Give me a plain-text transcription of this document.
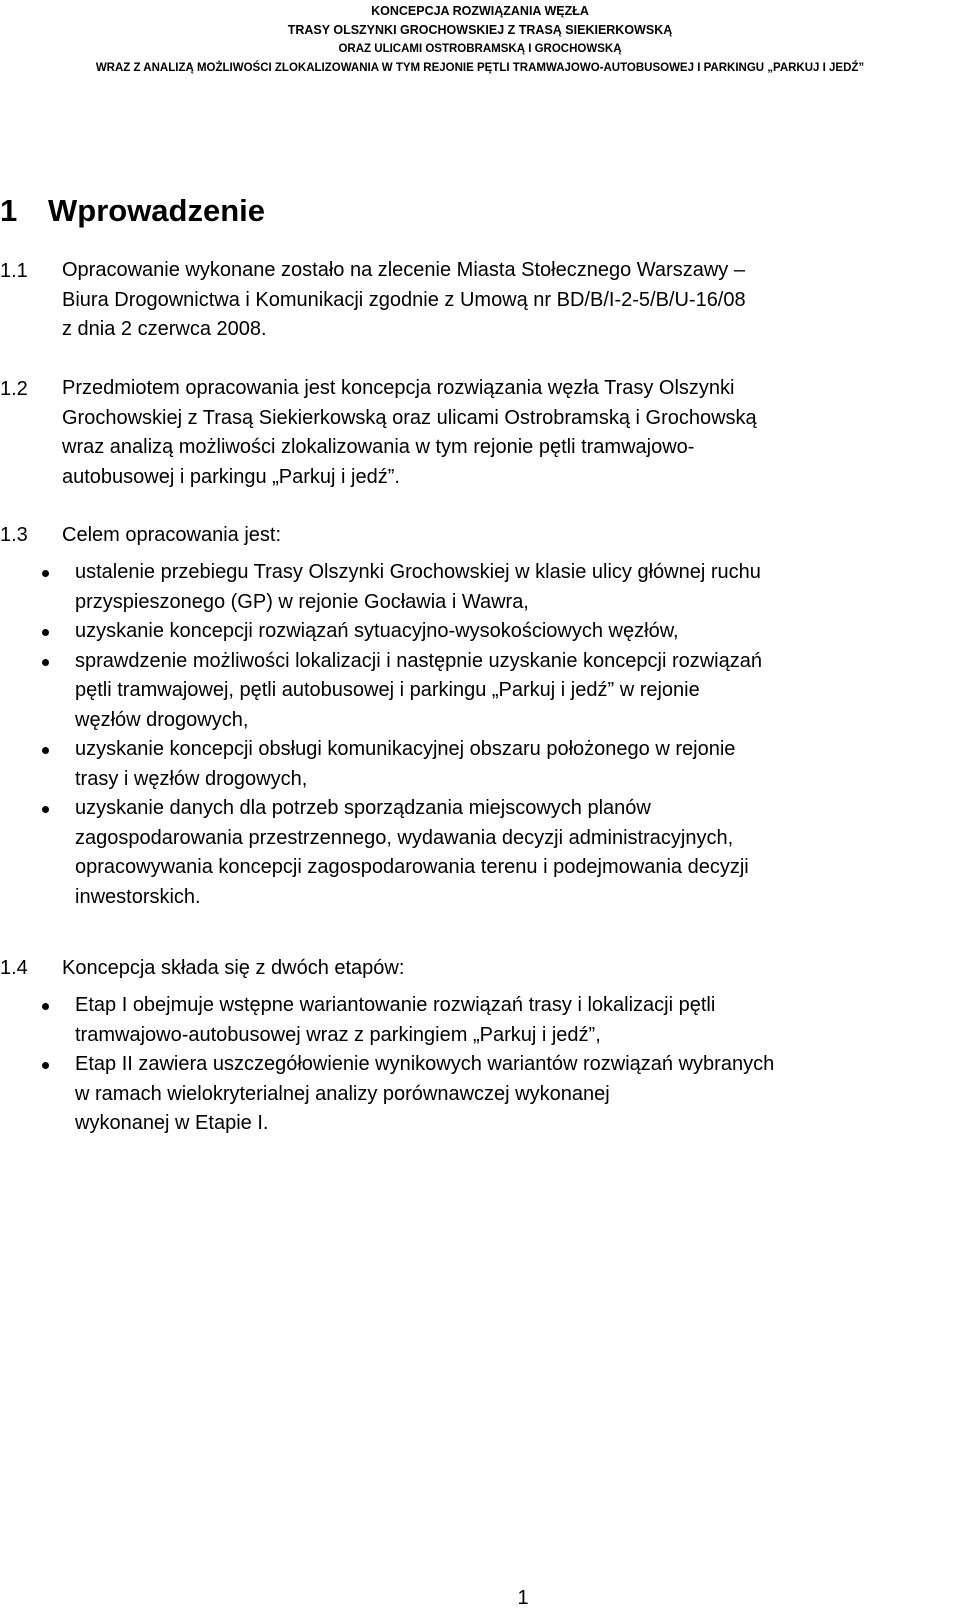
KONCEPCJA ROZWIĄZANIA WĘZŁA
TRASY OLSZYNKI GROCHOWSKIEJ Z TRASĄ SIEKIERKOWSKĄ
ORAZ ULICAMI OSTROBRAMSKĄ I GROCHOWSKĄ
WRAZ Z ANALIZĄ MOŻLIWOŚCI ZLOKALIZOWANIA W TYM REJONIE PĘTLI TRAMWAJOWO-AUTOBUSOWEJ I PARKINGU „PARKUJ I JEDŹ”
1 Wprowadzenie
1.1 Opracowanie wykonane zostało na zlecenie Miasta Stołecznego Warszawy –
Biura Drogownictwa i Komunikacji zgodnie z Umową nr BD/B/I-2-5/B/U-16/08
z dnia 2 czerwca 2008.
1.2 Przedmiotem opracowania jest koncepcja rozwiązania węzła Trasy Olszynki
Grochowskiej z Trasą Siekierkowską oraz ulicami Ostrobramską i Grochowską
wraz analizą możliwości zlokalizowania w tym rejonie pętli tramwajowo-
autobusowej i parkingu „Parkuj i jedź”.
1.3 Celem opracowania jest:
ustalenie przebiegu Trasy Olszynki Grochowskiej w klasie ulicy głównej ruchu
przyspieszonego (GP) w rejonie Gocławia i Wawra,
uzyskanie koncepcji rozwiązań sytuacyjno-wysokościowych węzłów,
sprawdzenie możliwości lokalizacji i następnie uzyskanie koncepcji rozwiązań
pętli tramwajowej, pętli autobusowej i parkingu „Parkuj i jedź” w rejonie
węzłów drogowych,
uzyskanie koncepcji obsługi komunikacyjnej obszaru położonego w rejonie
trasy i węzłów drogowych,
uzyskanie danych dla potrzeb sporządzania miejscowych planów
zagospodarowania przestrzennego, wydawania decyzji administracyjnych,
opracowywania koncepcji zagospodarowania terenu i podejmowania decyzji
inwestorskich.
1.4 Koncepcja składa się z dwóch etapów:
Etap I obejmuje wstępne wariantowanie rozwiązań trasy i lokalizacji pętli
tramwajowo-autobusowej wraz z parkingiem „Parkuj i jedź”,
Etap II zawiera uszczegółowienie wynikowych wariantów rozwiązań wybranych
w ramach wielokryterialnej analizy porównawczej wykonanej
wykonanej w Etapie I.
1
